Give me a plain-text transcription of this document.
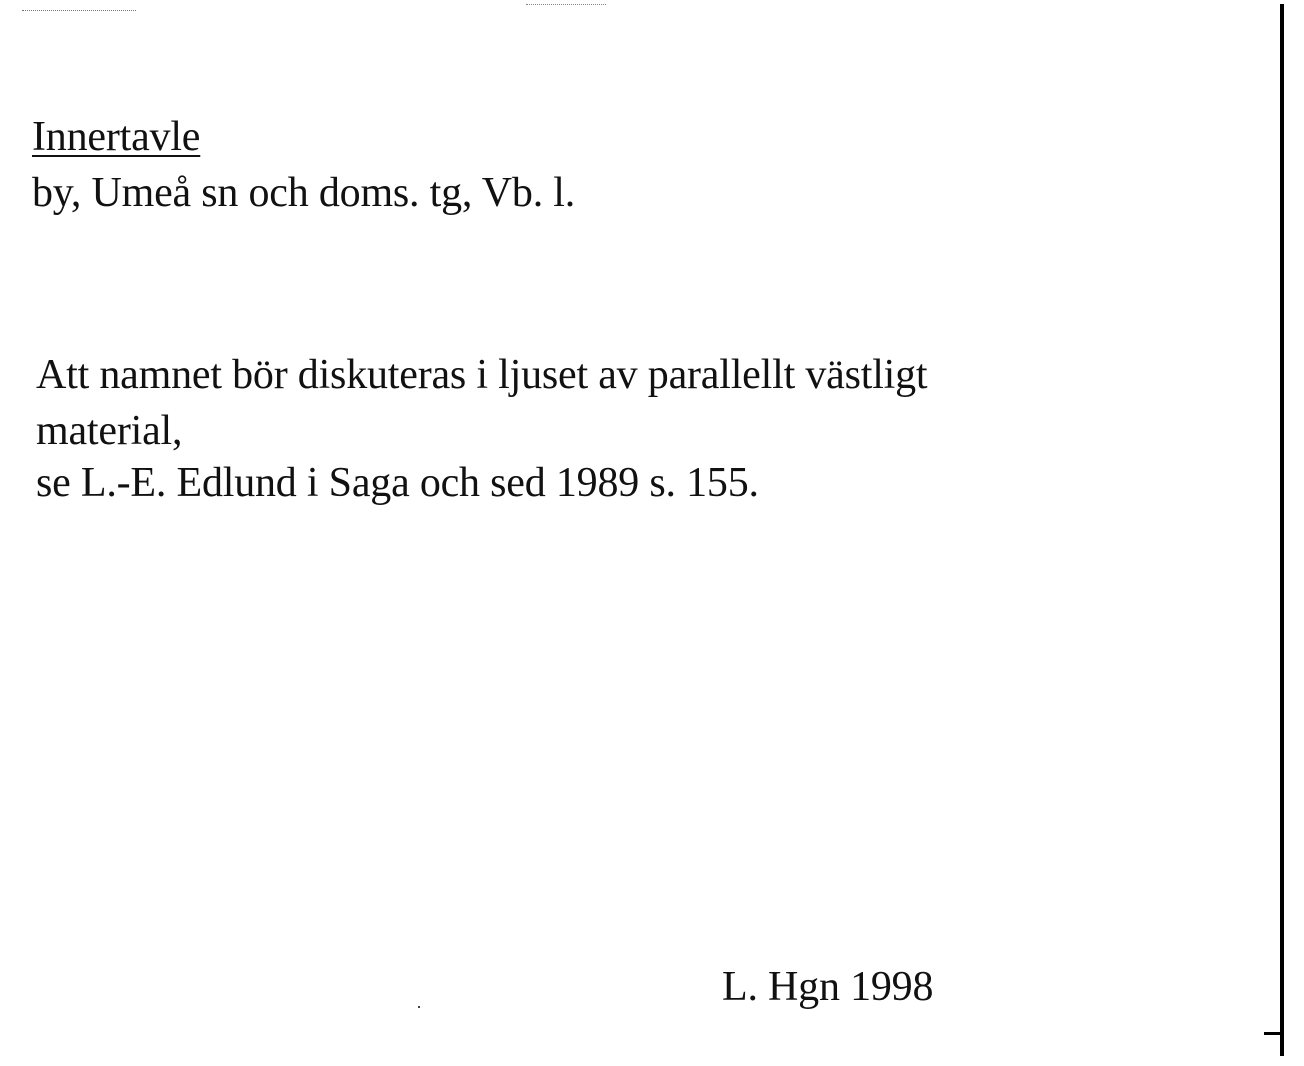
Innertavle
by, Umeå sn och doms. tg, Vb. l.
Att namnet bör diskuteras i ljuset av parallellt västligt
material,
se L.-E. Edlund i Saga och sed 1989 s. 155.
L. Hgn 1998
